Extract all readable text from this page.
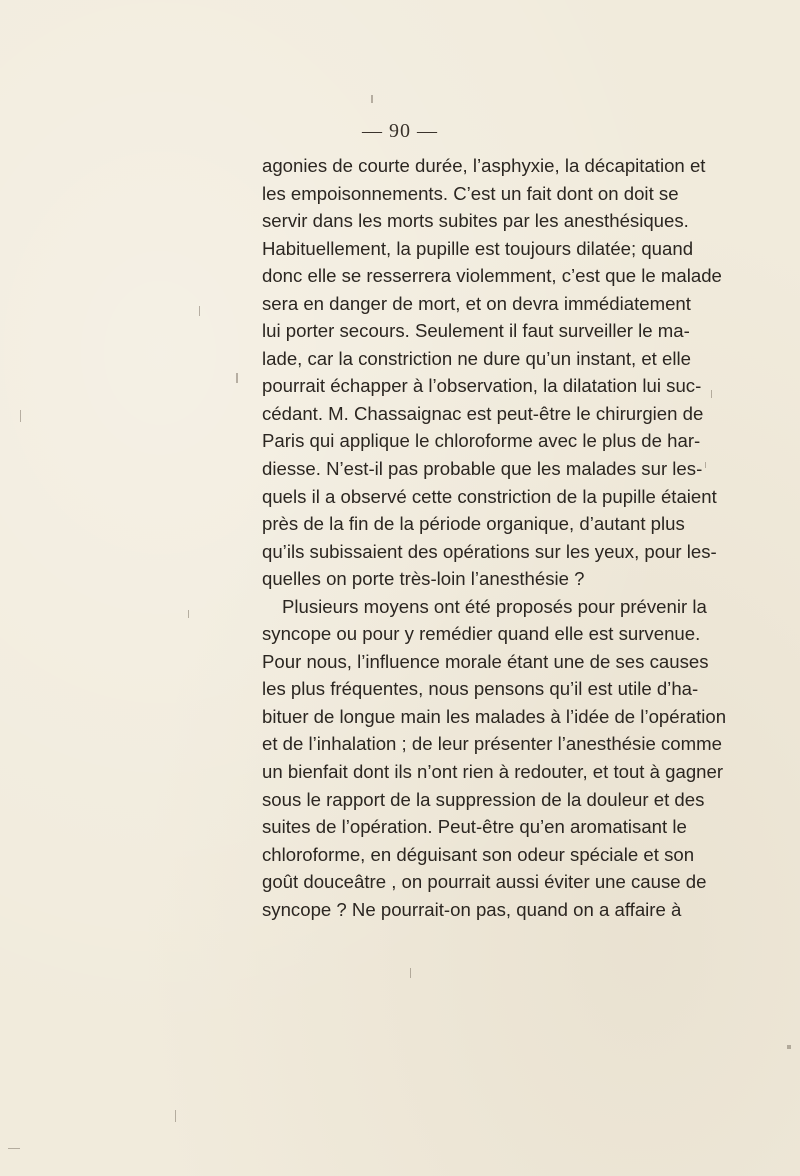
— 90 —
agonies de courte durée, l’asphyxie, la décapitation et
les empoisonnements. C’est un fait dont on doit se
servir dans les morts subites par les anesthésiques.
Habituellement, la pupille est toujours dilatée; quand
donc elle se resserrera violemment, c’est que le malade
sera en danger de mort, et on devra immédiatement
lui porter secours. Seulement il faut surveiller le ma-
lade, car la constriction ne dure qu’un instant, et elle
pourrait échapper à l’observation, la dilatation lui suc-
cédant. M. Chassaignac est peut-être le chirurgien de
Paris qui applique le chloroforme avec le plus de har-
diesse. N’est-il pas probable que les malades sur les-
quels il a observé cette constriction de la pupille étaient
près de la fin de la période organique, d’autant plus
qu’ils subissaient des opérations sur les yeux, pour les-
quelles on porte très-loin l’anesthésie ?
Plusieurs moyens ont été proposés pour prévenir la
syncope ou pour y remédier quand elle est survenue.
Pour nous, l’influence morale étant une de ses causes
les plus fréquentes, nous pensons qu’il est utile d’ha-
bituer de longue main les malades à l’idée de l’opération
et de l’inhalation ; de leur présenter l’anesthésie comme
un bienfait dont ils n’ont rien à redouter, et tout à gagner
sous le rapport de la suppression de la douleur et des
suites de l’opération. Peut-être qu’en aromatisant le
chloroforme, en déguisant son odeur spéciale et son
goût douceâtre , on pourrait aussi éviter une cause de
syncope ? Ne pourrait-on pas, quand on a affaire à
